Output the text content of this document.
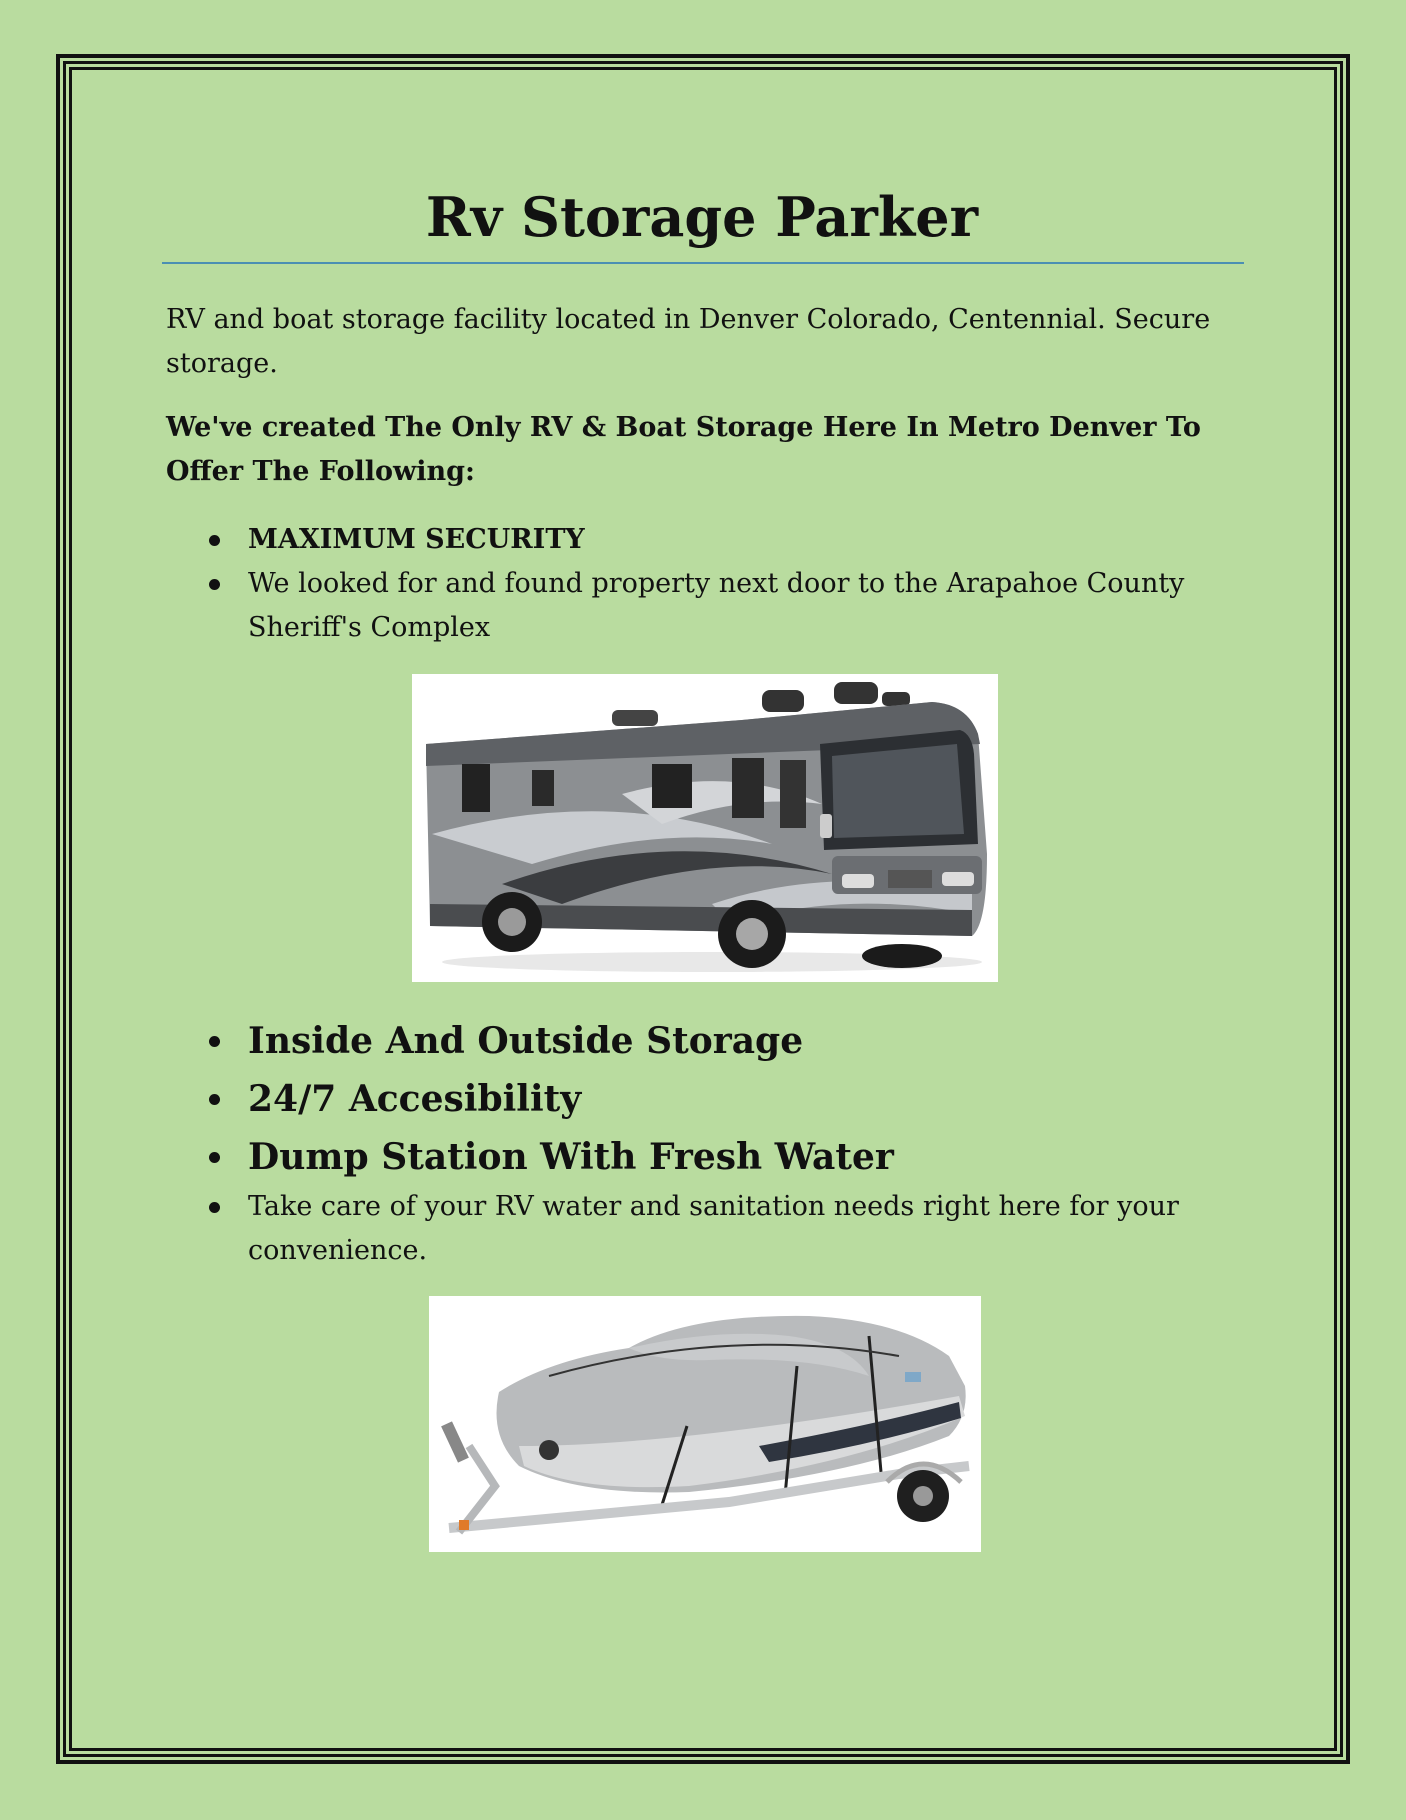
Rv Storage Parker

RV and boat storage facility located in Denver Colorado, Centennial. Secure storage.

We've created The Only RV & Boat Storage Here In Metro Denver To Offer The Following:

MAXIMUM SECURITY
We looked for and found property next door to the Arapahoe County Sheriff's Complex
Inside And Outside Storage
24/7 Accesibility
Dump Station With Fresh Water
Take care of your RV water and sanitation needs right here for your convenience.
